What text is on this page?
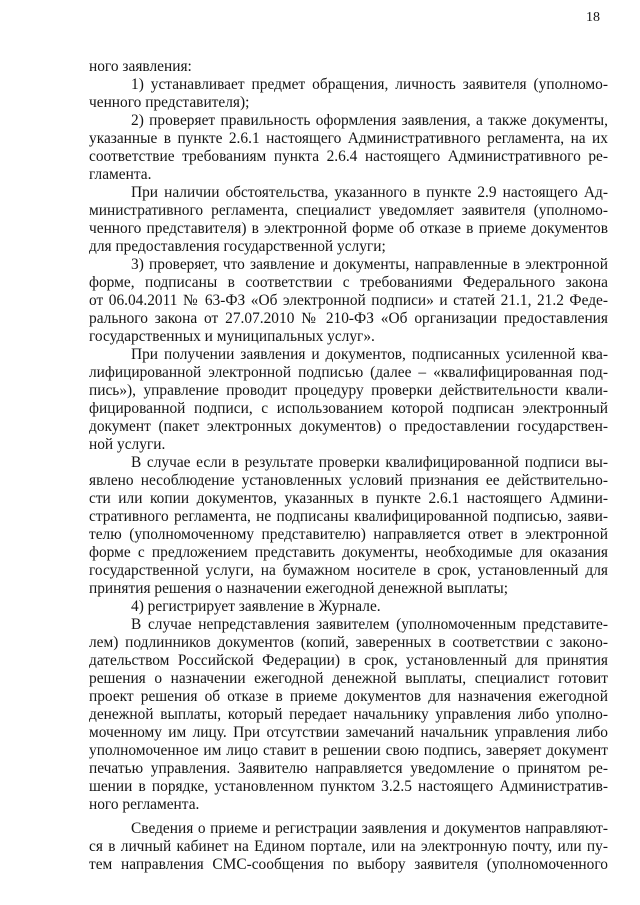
18
ного заявления:
1) устанавливает предмет обращения, личность заявителя (уполномо-
ченного представителя);
2) проверяет правильность оформления заявления, а также документы,
указанные в пункте 2.6.1 настоящего Административного регламента, на их
соответствие требованиям пункта 2.6.4 настоящего Административного ре-
гламента.
При наличии обстоятельства, указанного в пункте 2.9 настоящего Ад-
министративного регламента, специалист уведомляет заявителя (уполномо-
ченного представителя) в электронной форме об отказе в приеме документов
для предоставления государственной услуги;
3) проверяет, что заявление и документы, направленные в электронной
форме, подписаны в соответствии с требованиями Федерального закона
от 06.04.2011 № 63-ФЗ «Об электронной подписи» и статей 21.1, 21.2 Феде-
рального закона от 27.07.2010 № 210-ФЗ «Об организации предоставления
государственных и муниципальных услуг».
При получении заявления и документов, подписанных усиленной ква-
лифицированной электронной подписью (далее – «квалифицированная под-
пись»), управление проводит процедуру проверки действительности квали-
фицированной подписи, с использованием которой подписан электронный
документ (пакет электронных документов) о предоставлении государствен-
ной услуги.
В случае если в результате проверки квалифицированной подписи вы-
явлено несоблюдение установленных условий признания ее действительно-
сти или копии документов, указанных в пункте 2.6.1 настоящего Админи-
стративного регламента, не подписаны квалифицированной подписью, заяви-
телю (уполномоченному представителю) направляется ответ в электронной
форме с предложением представить документы, необходимые для оказания
государственной услуги, на бумажном носителе в срок, установленный для
принятия решения о назначении ежегодной денежной выплаты;
4) регистрирует заявление в Журнале.
В случае непредставления заявителем (уполномоченным представите-
лем) подлинников документов (копий, заверенных в соответствии с законо-
дательством Российской Федерации) в срок, установленный для принятия
решения о назначении ежегодной денежной выплаты, специалист готовит
проект решения об отказе в приеме документов для назначения ежегодной
денежной выплаты, который передает начальнику управления либо уполно-
моченному им лицу. При отсутствии замечаний начальник управления либо
уполномоченное им лицо ставит в решении свою подпись, заверяет документ
печатью управления. Заявителю направляется уведомление о принятом ре-
шении в порядке, установленном пунктом 3.2.5 настоящего Административ-
ного регламента.
Сведения о приеме и регистрации заявления и документов направляют-
ся в личный кабинет на Едином портале, или на электронную почту, или пу-
тем направления СМС-сообщения по выбору заявителя (уполномоченного
